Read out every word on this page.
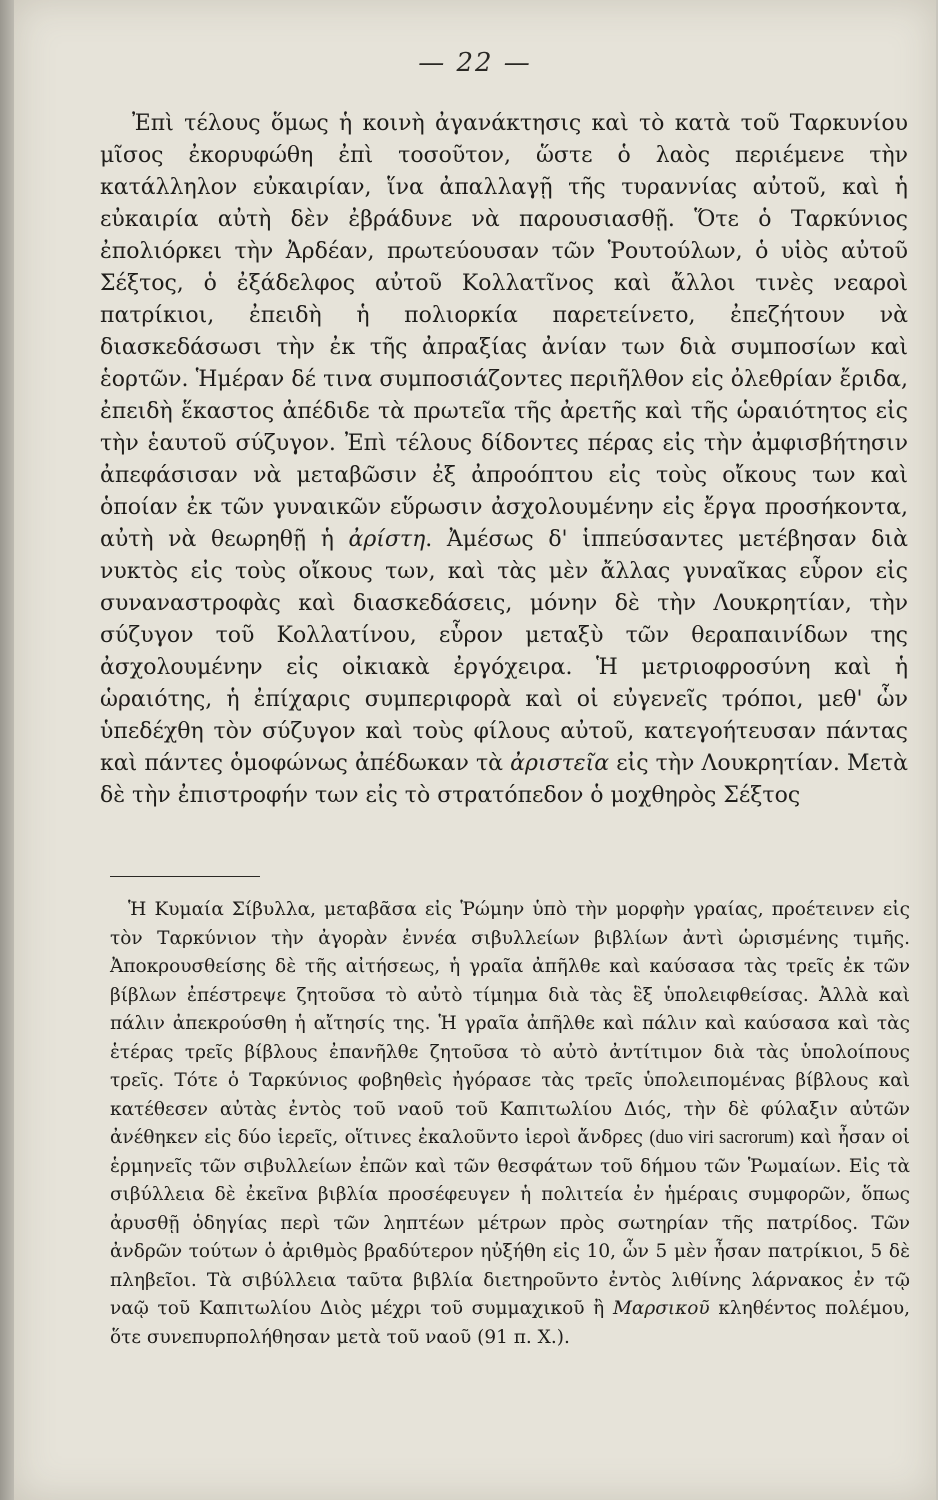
— 22 —

Ἐπὶ τέλους ὅμως ἡ κοινὴ ἀγανάκτησις καὶ τὸ κατὰ τοῦ Ταρκυνίου μῖσος ἐκορυφώθη ἐπὶ τοσοῦτον, ὥστε ὁ λαὸς περιέμενε τὴν κατάλληλον εὐκαιρίαν, ἵνα ἀπαλλαγῇ τῆς τυραννίας αὐτοῦ, καὶ ἡ εὐκαιρία αὐτὴ δὲν ἐβράδυνε νὰ παρουσιασθῇ. Ὅτε ὁ Ταρκύνιος ἐπολιόρκει τὴν Ἀρδέαν, πρωτεύουσαν τῶν Ῥουτούλων, ὁ υἱὸς αὐτοῦ Σέξτος, ὁ ἐξάδελφος αὐτοῦ Κολλατῖνος καὶ ἄλλοι τινὲς νεαροὶ πατρίκιοι, ἐπειδὴ ἡ πολιορκία παρετείνετο, ἐπεζήτουν νὰ διασκεδάσωσι τὴν ἐκ τῆς ἀπραξίας ἀνίαν των διὰ συμποσίων καὶ ἑορτῶν. Ἡμέραν δέ τινα συμποσιάζοντες περιῆλθον εἰς ὀλεθρίαν ἔριδα, ἐπειδὴ ἕκαστος ἀπέδιδε τὰ πρωτεῖα τῆς ἀρετῆς καὶ τῆς ὡραιότητος εἰς τὴν ἑαυτοῦ σύζυγον. Ἐπὶ τέλους δίδοντες πέρας εἰς τὴν ἀμφισβήτησιν ἀπεφάσισαν νὰ μεταβῶσιν ἐξ ἀπροόπτου εἰς τοὺς οἴκους των καὶ ὁποίαν ἐκ τῶν γυναικῶν εὕρωσιν ἀσχολουμένην εἰς ἔργα προσήκοντα, αὐτὴ νὰ θεωρηθῇ ἡ ἀρίστη. Ἀμέσως δ' ἱππεύσαντες μετέβησαν διὰ νυκτὸς εἰς τοὺς οἴκους των, καὶ τὰς μὲν ἄλλας γυναῖκας εὗρον εἰς συναναστροφὰς καὶ διασκεδάσεις, μόνην δὲ τὴν Λουκρητίαν, τὴν σύζυγον τοῦ Κολλατίνου, εὗρον μεταξὺ τῶν θεραπαινίδων της ἀσχολουμένην εἰς οἰκιακὰ ἐργόχειρα. Ἡ μετριοφροσύνη καὶ ἡ ὡραιότης, ἡ ἐπίχαρις συμπεριφορὰ καὶ οἱ εὐγενεῖς τρόποι, μεθ' ὧν ὑπεδέχθη τὸν σύζυγον καὶ τοὺς φίλους αὐτοῦ, κατεγοήτευσαν πάντας καὶ πάντες ὁμοφώνως ἀπέδωκαν τὰ ἀριστεῖα εἰς τὴν Λουκρητίαν. Μετὰ δὲ τὴν ἐπιστροφήν των εἰς τὸ στρατόπεδον ὁ μοχθηρὸς Σέξτος

Ἡ Κυμαία Σίβυλλα, μεταβᾶσα εἰς Ῥώμην ὑπὸ τὴν μορφὴν γραίας, προέτεινεν εἰς τὸν Ταρκύνιον τὴν ἀγορὰν ἐννέα σιβυλλείων βιβλίων ἀντὶ ὡρισμένης τιμῆς. Ἀποκρουσθείσης δὲ τῆς αἰτήσεως, ἡ γραῖα ἀπῆλθε καὶ καύσασα τὰς τρεῖς ἐκ τῶν βίβλων ἐπέστρεψε ζητοῦσα τὸ αὐτὸ τίμημα διὰ τὰς ἓξ ὑπολειφθείσας. Ἀλλὰ καὶ πάλιν ἀπεκρούσθη ἡ αἴτησίς της. Ἡ γραῖα ἀπῆλθε καὶ πάλιν καὶ καύσασα καὶ τὰς ἑτέρας τρεῖς βίβλους ἐπανῆλθε ζητοῦσα τὸ αὐτὸ ἀντίτιμον διὰ τὰς ὑπολοίπους τρεῖς. Τότε ὁ Ταρκύνιος φοβηθεὶς ἠγόρασε τὰς τρεῖς ὑπολειπομένας βίβλους καὶ κατέθεσεν αὐτὰς ἐντὸς τοῦ ναοῦ τοῦ Καπιτωλίου Διός, τὴν δὲ φύλαξιν αὐτῶν ἀνέθηκεν εἰς δύο ἱερεῖς, οἵτινες ἐκαλοῦντο ἱεροὶ ἄνδρες (duo viri sacrorum) καὶ ἦσαν οἱ ἑρμηνεῖς τῶν σιβυλλείων ἐπῶν καὶ τῶν θεσφάτων τοῦ δήμου τῶν Ῥωμαίων. Εἰς τὰ σιβύλλεια δὲ ἐκεῖνα βιβλία προσέφευγεν ἡ πολιτεία ἐν ἡμέραις συμφορῶν, ὅπως ἀρυσθῇ ὁδηγίας περὶ τῶν ληπτέων μέτρων πρὸς σωτηρίαν τῆς πατρίδος. Τῶν ἀνδρῶν τούτων ὁ ἀριθμὸς βραδύτερον ηὐξήθη εἰς 10, ὧν 5 μὲν ἦσαν πατρίκιοι, 5 δὲ πληβεῖοι. Τὰ σιβύλλεια ταῦτα βιβλία διετηροῦντο ἐντὸς λιθίνης λάρνακος ἐν τῷ ναῷ τοῦ Καπιτωλίου Διὸς μέχρι τοῦ συμμαχικοῦ ἢ Μαρσικοῦ κληθέντος πολέμου, ὅτε συνεπυρπολήθησαν μετὰ τοῦ ναοῦ (91 π. Χ.).
